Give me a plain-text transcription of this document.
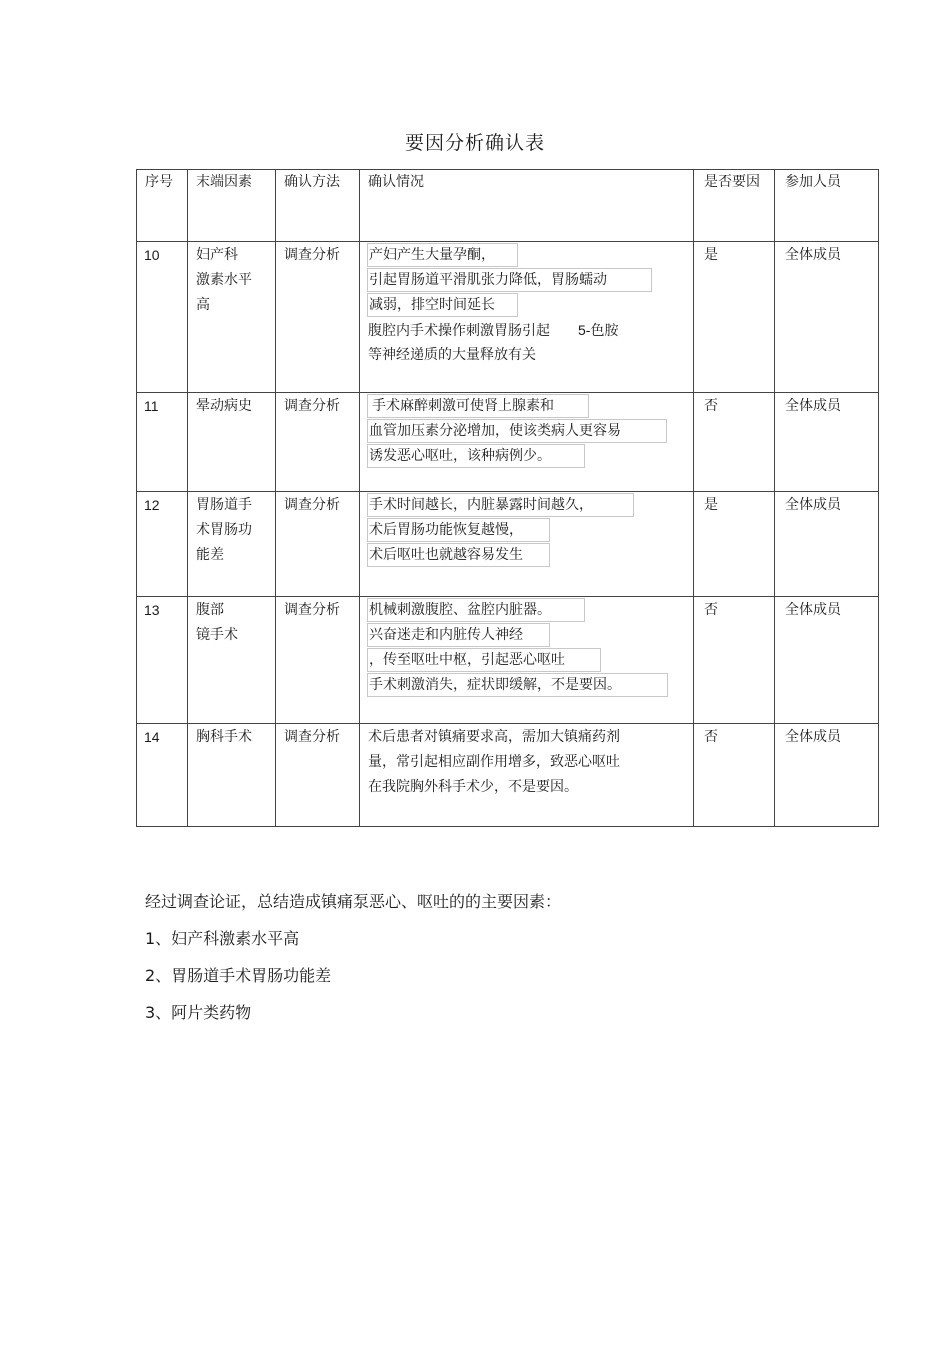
要因分析确认表
序号	末端因素	确认方法	确认情况	是否要因	参加人员

10	妇产科
激素水平
高	调查分析	产妇产生大量孕酮，
引起胃肠道平滑肌张力降低，胃肠蠕动
减弱，排空时间延长
腹腔内手术操作刺激胃肠引起 5-色胺
等神经递质的大量释放有关	是	全体成员

11	晕动病史	调查分析	手术麻醉刺激可使肾上腺素和
血管加压素分泌增加，使该类病人更容易
诱发恶心呕吐，该种病例少。	否	全体成员

12	胃肠道手
术胃肠功
能差	调查分析	手术时间越长，内脏暴露时间越久，
术后胃肠功能恢复越慢，
术后呕吐也就越容易发生	是	全体成员

13	腹部
镜手术	调查分析	机械刺激腹腔、盆腔内脏器。
兴奋迷走和内脏传人神经
，传至呕吐中枢，引起恶心呕吐
手术刺激消失，症状即缓解，不是要因。	否	全体成员

14	胸科手术	调查分析	术后患者对镇痛要求高，需加大镇痛药剂
量，常引起相应副作用增多，致恶心呕吐
在我院胸外科手术少，不是要因。	否	全体成员
经过调查论证，总结造成镇痛泵恶心、呕吐的的主要因素：
1、妇产科激素水平高
2、胃肠道手术胃肠功能差
3、阿片类药物
